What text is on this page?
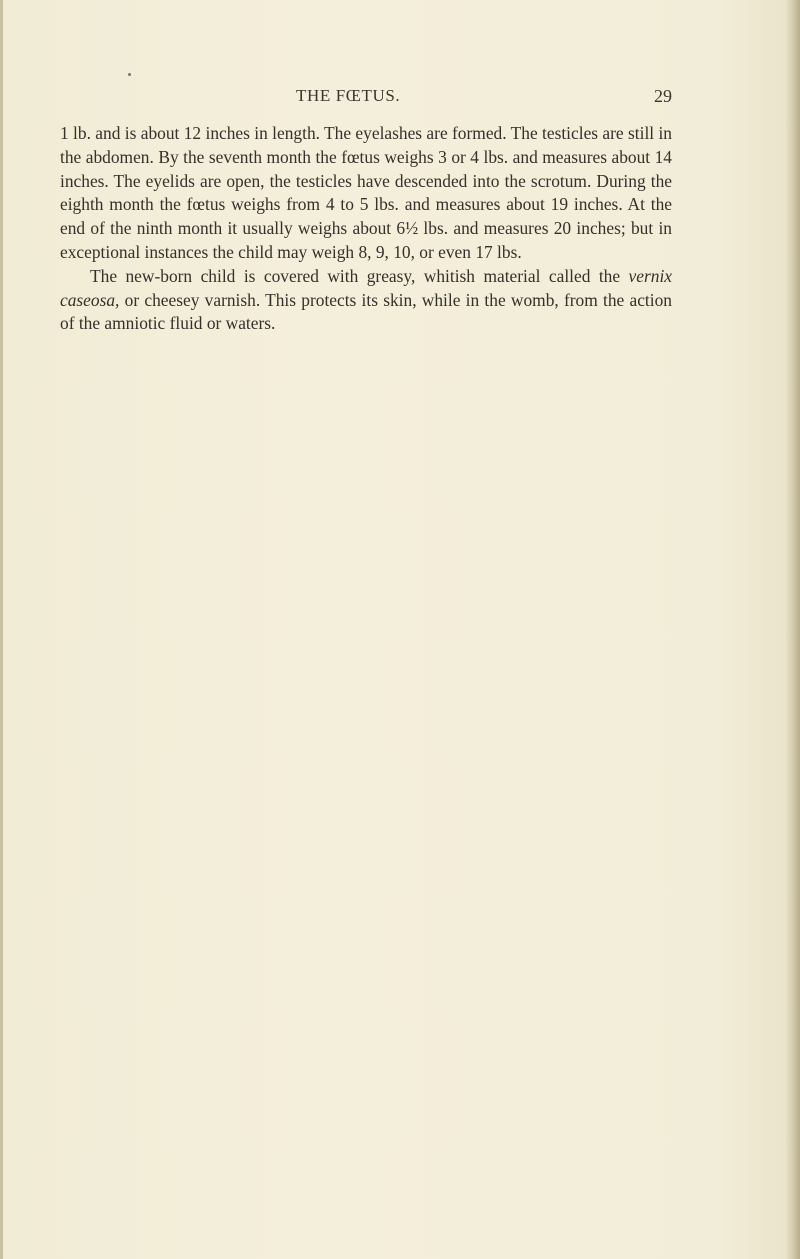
THE FŒTUS.	29

1 lb. and is about 12 inches in length. The eyelashes are formed. The testicles are still in the abdomen. By the seventh month the fœtus weighs 3 or 4 lbs. and measures about 14 inches. The eyelids are open, the testicles have descended into the scrotum. During the eighth month the fœtus weighs from 4 to 5 lbs. and measures about 19 inches. At the end of the ninth month it usually weighs about 6½ lbs. and measures 20 inches; but in exceptional instances the child may weigh 8, 9, 10, or even 17 lbs.

The new-born child is covered with greasy, whitish material called the vernix caseosa, or cheesey varnish. This protects its skin, while in the womb, from the action of the amniotic fluid or waters.
